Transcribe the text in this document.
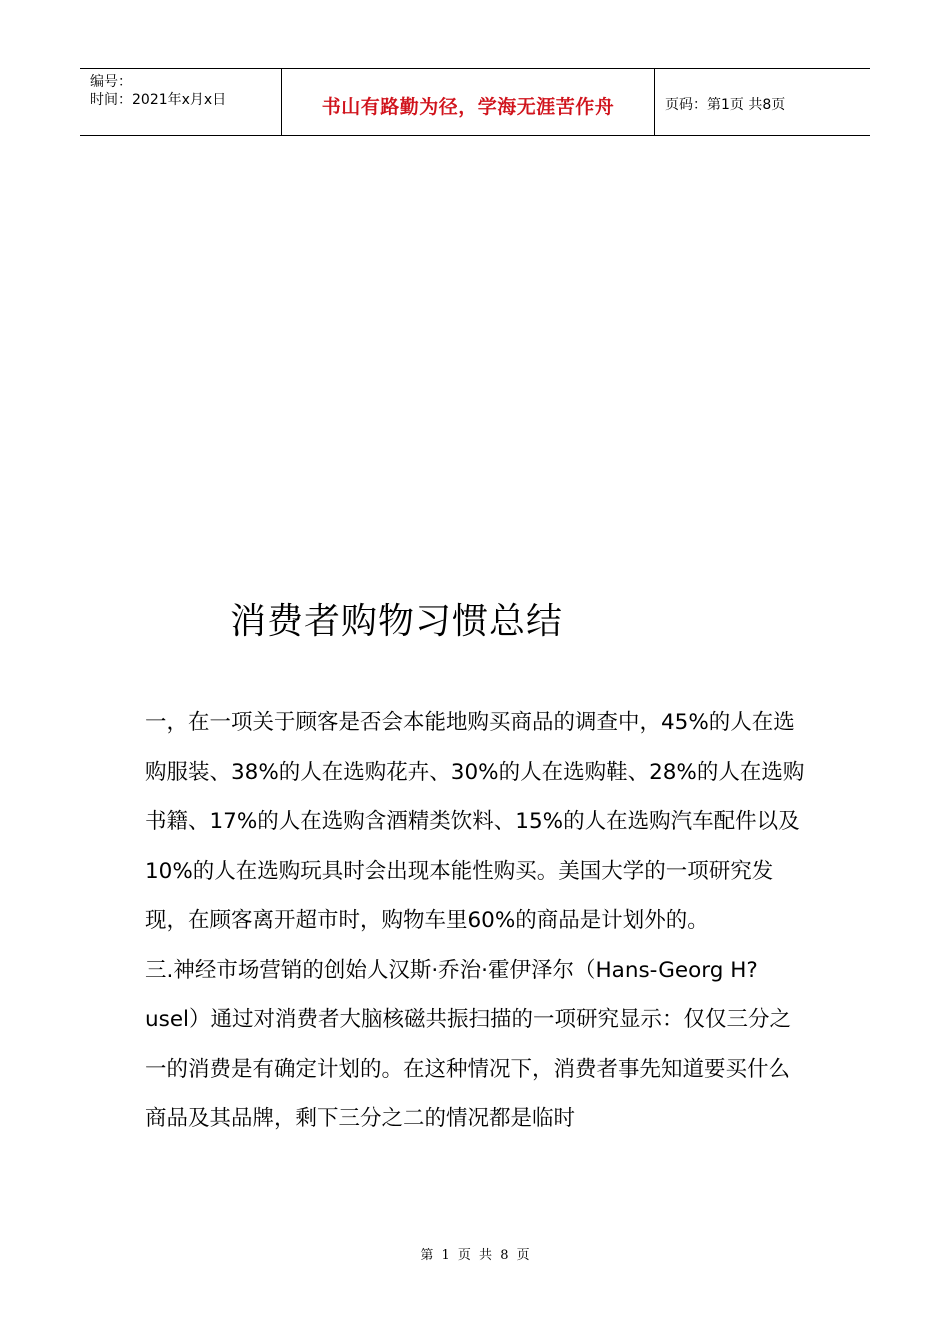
编号：
时间：2021年x月x日	书山有路勤为径，学海无涯苦作舟	页码：第1页 共8页
消费者购物习惯总结

一，在一项关于顾客是否会本能地购买商品的调查中，45%的人在选购服装、38%的人在选购花卉、30%的人在选购鞋、28%的人在选购书籍、17%的人在选购含酒精类饮料、15%的人在选购汽车配件以及10%的人在选购玩具时会出现本能性购买。美国大学的一项研究发现，在顾客离开超市时，购物车里60%的商品是计划外的。

三.神经市场营销的创始人汉斯·乔治·霍伊泽尔（Hans-Georg H?usel）通过对消费者大脑核磁共振扫描的一项研究显示：仅仅三分之一的消费是有确定计划的。在这种情况下，消费者事先知道要买什么商品及其品牌，剩下三分之二的情况都是临时

第 1 页 共 8 页
